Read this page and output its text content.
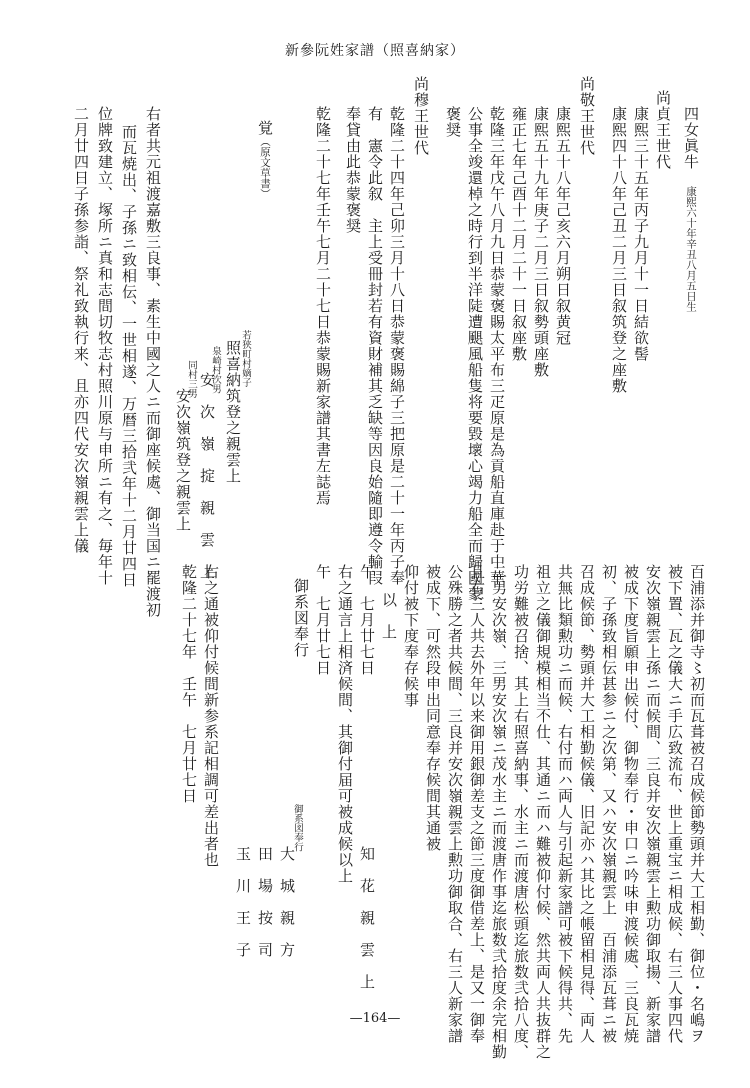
新參阮姓家譜（照喜納家）
四女眞牛　康熙六十年辛丑八月五日生
尚貞王世代
康熙三十五年丙子九月十一日結欲髻
康熙四十八年己丑二月三日叙筑登之座敷
尚敬王世代
康熙五十八年己亥六月朔日叙黄冠
康熙五十九年庚子二月三日叙勢頭座敷
雍正七年己酉十二月二十一日叙座敷
乾隆三年戊午八月九日恭蒙褒賜太平布三疋原是為貢船直庫赴于中華
公事全竣還棹之時行到半洋陡遭颶風船隻将要毀壞心竭力船全而歸國蒙
褒奨
尚穆王世代
乾隆二十四年己卯三月十八日恭蒙褒賜綿子三把原是二十一年丙子奉
有　憲令此叙　主上受冊封若有資財補其乏缺等因良始隨即遵令輸叚
奉貸由此恭蒙褒奨
乾隆二十七年壬午七月二十七日恭蒙賜新家譜其書左誌焉
覚（原文草書）
若狭町村嫡子
照喜納筑登之親雲上
泉崎村次男
安　次　嶺　掟　親　雲　上
同村三男
安次嶺筑登之親雲上
右者共元祖渡嘉敷三良事、素生中國之人ニ而御座候處、御当国ニ罷渡初
而瓦焼出、子孫ニ致相伝、一世相遂、万暦三拾弐年十二月廿四日
位牌致建立、塚所ニ真和志間切牧志村照川原与申所ニ有之、毎年十
二月廿四日子孫参詣、祭礼致執行来、且亦四代安次嶺親雲上儀
百浦添并御寺〻初而瓦葺被召成候節勢頭并大工相勤、御位・名嶋ヲ
被下置、瓦之儀大ニ手広致流布、世上重宝ニ相成候、右三人事四代
安次嶺親雲上孫ニ而候間、三良并安次嶺親雲上勲功御取揚、新家譜
被成下度旨願申出候付、御物奉行・申口ニ吟味申渡候處、三良瓦焼
初、子孫致相伝甚参ニ之次第、又ハ安次嶺親雲上　百浦添瓦葺ニ被
召成候節、勢頭并大工相勤候儀、旧記亦ハ其比之帳留相見得、両人
共無比類勲功ニ而候、右付而ハ両人与引起新家譜可被下候得共、先
祖立之儀御規模相当不仕、其通ニ而ハ難被仰付候、然共両人共抜群之
功労難被召捨、其上右照喜納事、水主ニ而渡唐松頭迄旅数弐拾八度、
二男安次嶺、三男安次嶺ニ茂水主ニ而渡唐作事迄旅数弐拾度余完相勤
且右三人共去外年以来御用銀御差支之節三度御借差上、是又一御奉
公殊勝之者共候間、三良并安次嶺親雲上勲功御取合、右三人新家譜
被成下、可然段申出同意奉存候間其通被
仰付被下度奉存候事
以　上
午　七月廿七日
知　花　親　雲　上
右之通言上相済候間、其御付届可被成候以上
午　七月廿七日
御系図奉行
大　城　親　方
田　場　按　司
玉　川　王　子
御系図奉行
右之通被仰付候間新参系記相調可差出者也
乾隆二十七年　壬午　七月廿七日
—164—
